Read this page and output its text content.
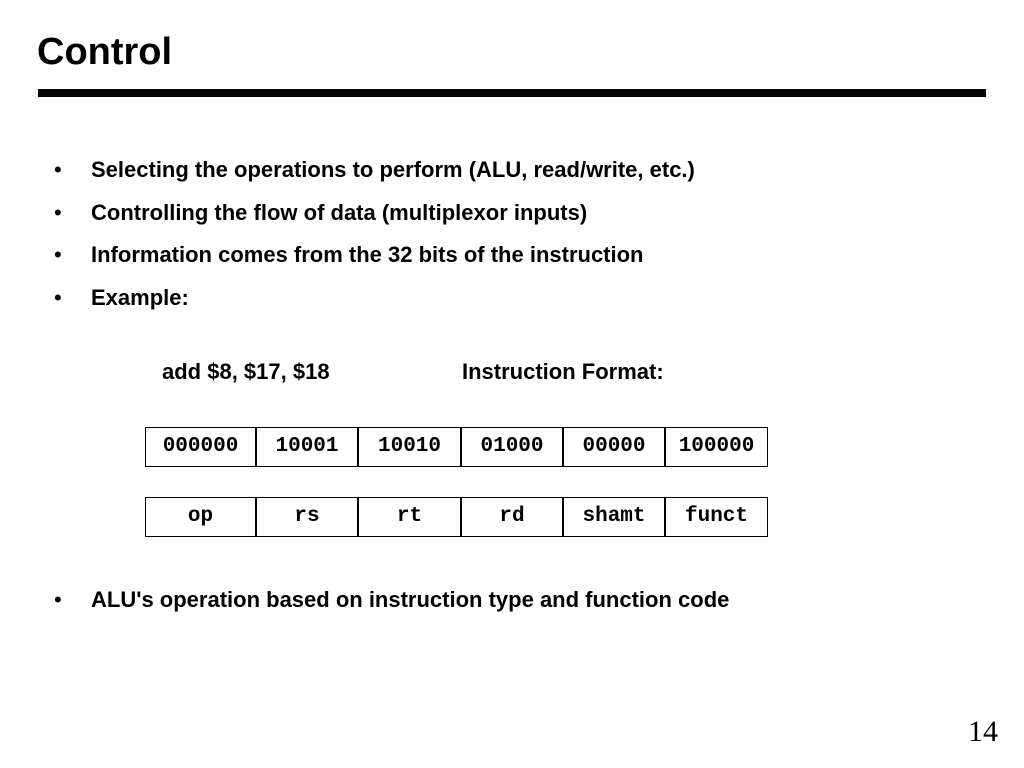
Control
• Selecting the operations to perform (ALU, read/write, etc.)
• Controlling the flow of data (multiplexor inputs)
• Information comes from the 32 bits of the instruction
• Example:
add $8, $17, $18	Instruction Format:
000000	10001	10010	01000	00000	100000
op	rs	rt	rd	shamt	funct
• ALU's operation based on instruction type and function code
14
